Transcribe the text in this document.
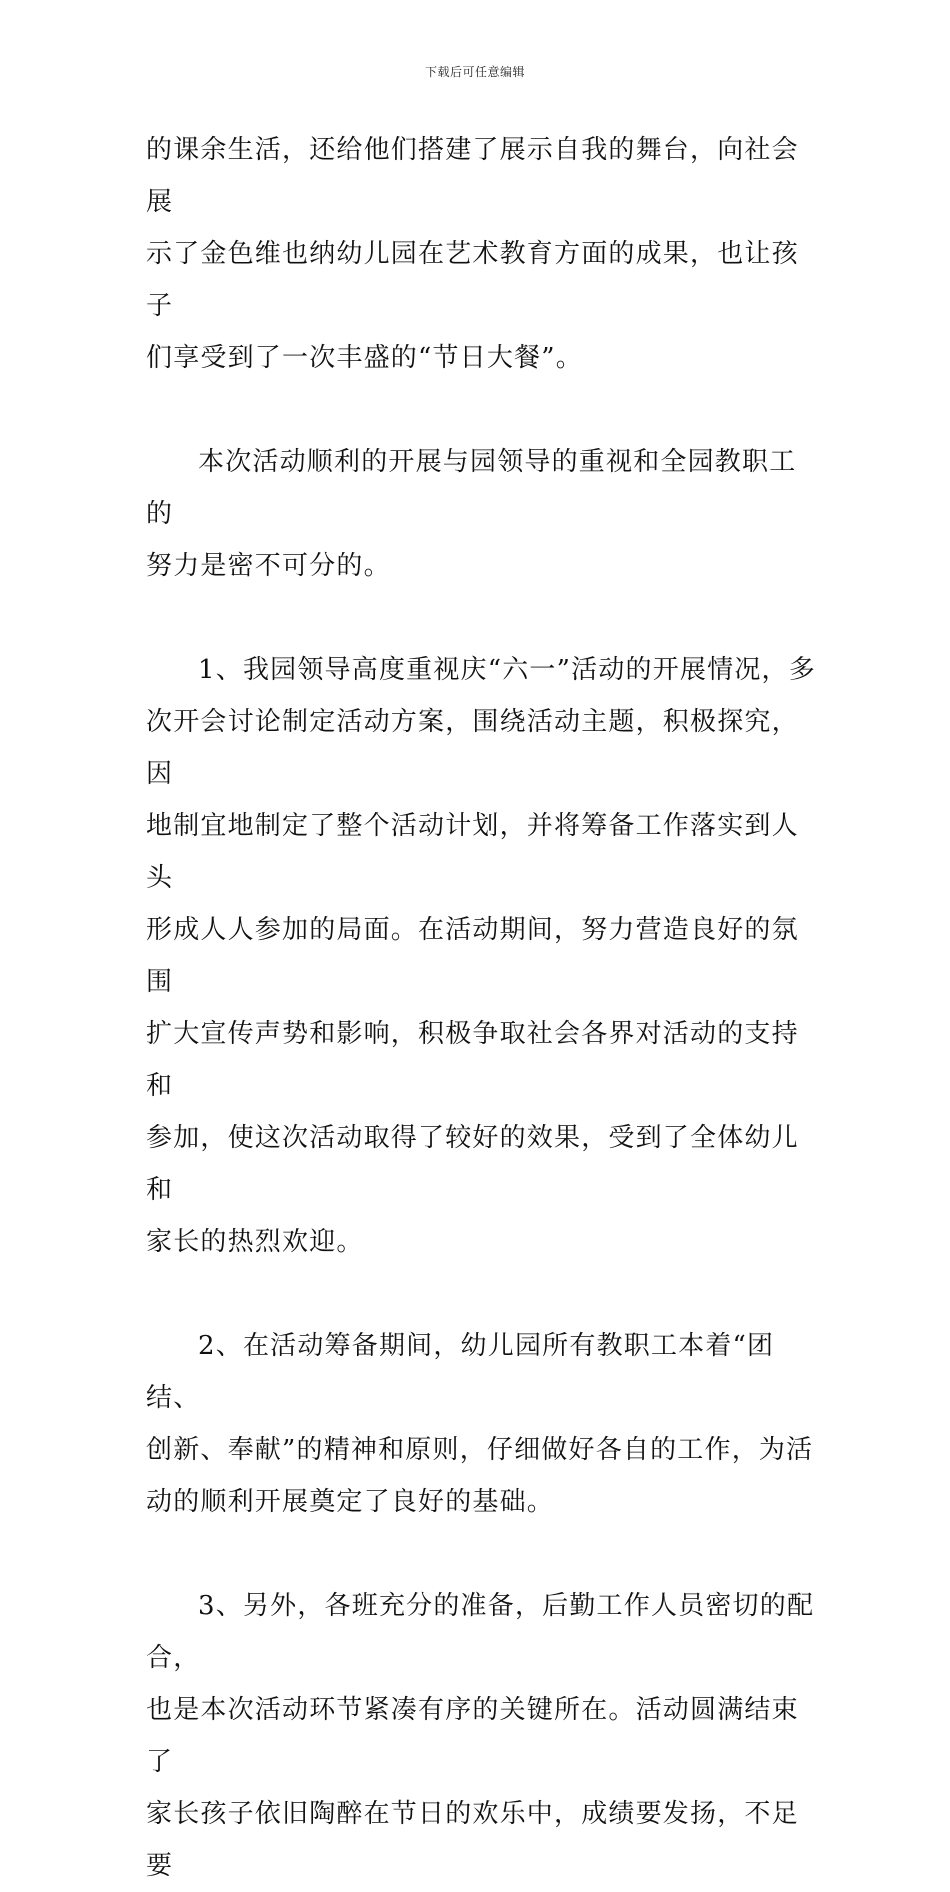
下载后可任意编辑
的课余生活，还给他们搭建了展示自我的舞台，向社会展
示了金色维也纳幼儿园在艺术教育方面的成果，也让孩子
们享受到了一次丰盛的“节日大餐”。
本次活动顺利的开展与园领导的重视和全园教职工的
努力是密不可分的。
1、我园领导高度重视庆“六一”活动的开展情况，多
次开会讨论制定活动方案，围绕活动主题，积极探究，因
地制宜地制定了整个活动计划，并将筹备工作落实到人头
形成人人参加的局面。在活动期间，努力营造良好的氛围
扩大宣传声势和影响，积极争取社会各界对活动的支持和
参加，使这次活动取得了较好的效果，受到了全体幼儿和
家长的热烈欢迎。
2、在活动筹备期间，幼儿园所有教职工本着“团结、
创新、奉献”的精神和原则，仔细做好各自的工作，为活
动的顺利开展奠定了良好的基础。
3、另外，各班充分的准备，后勤工作人员密切的配合，
也是本次活动环节紧凑有序的关键所在。活动圆满结束了
家长孩子依旧陶醉在节日的欢乐中，成绩要发扬，不足要
